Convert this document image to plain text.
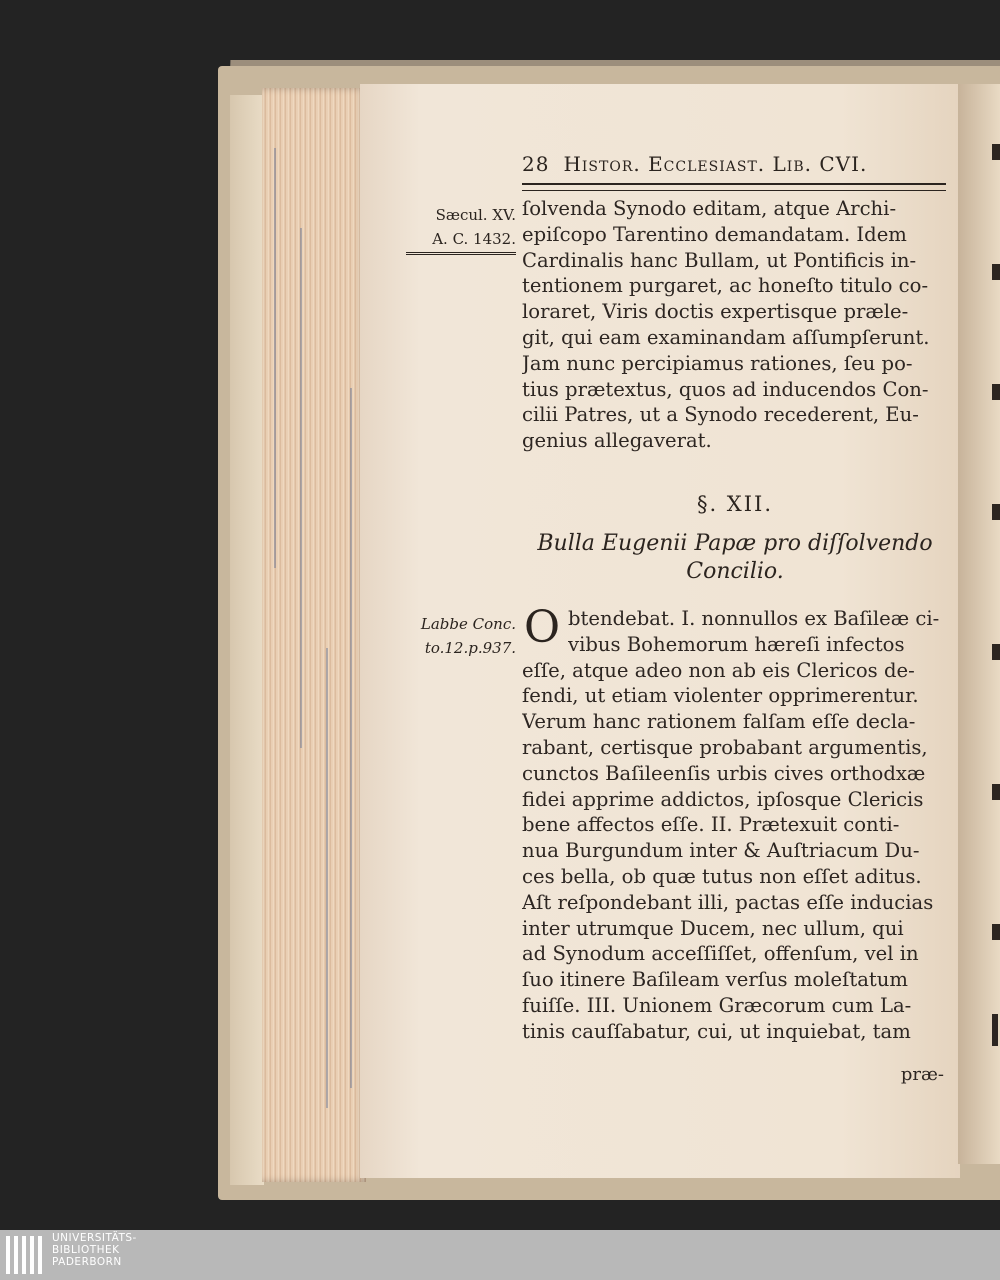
28 Histor. Ecclesiast. Lib. CVI.
Sæcul. XV.
A. C. 1432.
ſolvenda Synodo editam, atque Archi-
epiſcopo Tarentino demandatam. Idem
Cardinalis hanc Bullam, ut Pontificis in-
tentionem purgaret, ac honeſto titulo co-
loraret, Viris doctis expertisque præle-
git, qui eam examinandam aſſumpſerunt.
Jam nunc percipiamus rationes, ſeu po-
tius prætextus, quos ad inducendos Con-
cilii Patres, ut a Synodo recederent, Eu-
genius allegaverat.
§. XII.
Bulla Eugenii Papæ pro diſſolvendo
Concilio.
Labbe Conc.
to.12.p.937. O btendebat. I. nonnullos ex Baſileæ ci-
vibus Bohemorum hæreſi infectos
eſſe, atque adeo non ab eis Clericos de-
fendi, ut etiam violenter opprimerentur.
Verum hanc rationem falſam eſſe decla-
rabant, certisque probabant argumentis,
cunctos Baſileenſis urbis cives orthodxæ
fidei apprime addictos, ipſosque Clericis
bene affectos eſſe. II. Prætexuit conti-
nua Burgundum inter & Auſtriacum Du-
ces bella, ob quæ tutus non eſſet aditus.
Aſt reſpondebant illi, pactas eſſe inducias
inter utrumque Ducem, nec ullum, qui
ad Synodum acceſſiſſet, offenſum, vel in
ſuo itinere Baſileam verſus moleſtatum
fuiſſe. III. Unionem Græcorum cum La-
tinis cauſſabatur, cui, ut inquiebat, tam
præ-
UNIVERSITÄTS-
BIBLIOTHEK
PADERBORN
